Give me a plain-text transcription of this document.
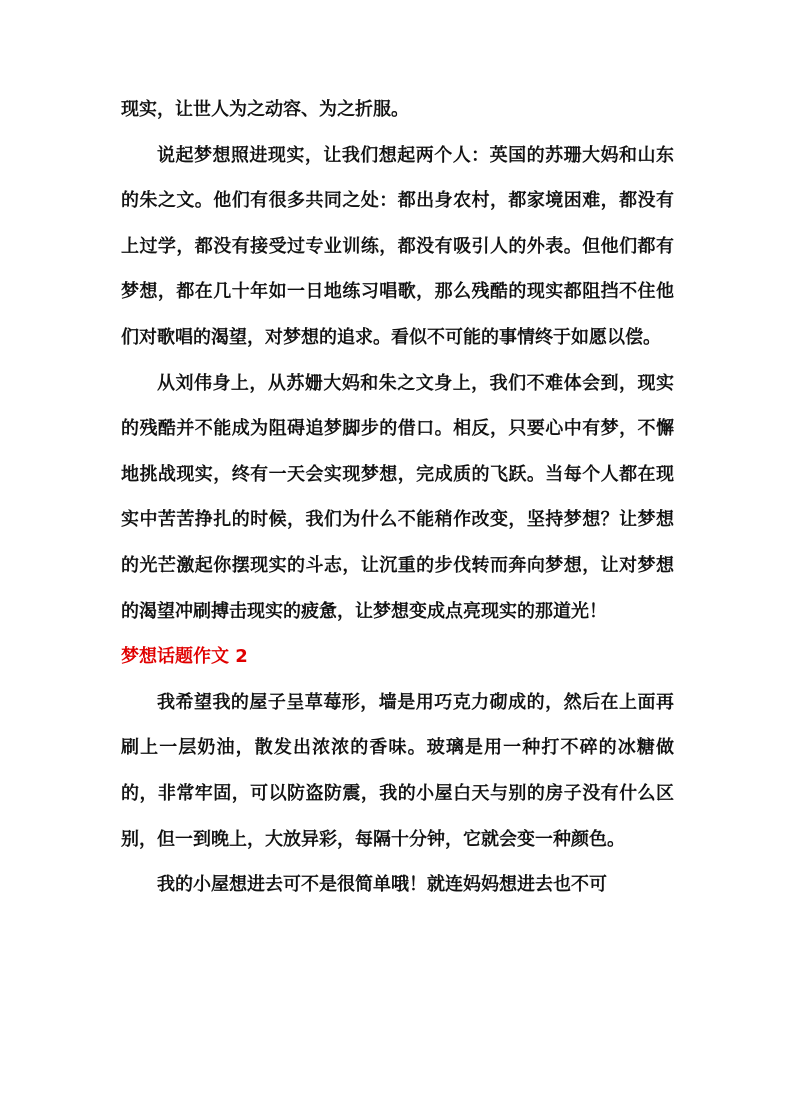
现实，让世人为之动容、为之折服。

说起梦想照进现实，让我们想起两个人：英国的苏珊大妈和山东的朱之文。他们有很多共同之处：都出身农村，都家境困难，都没有上过学，都没有接受过专业训练，都没有吸引人的外表。但他们都有梦想，都在几十年如一日地练习唱歌，那么残酷的现实都阻挡不住他们对歌唱的渴望，对梦想的追求。看似不可能的事情终于如愿以偿。

从刘伟身上，从苏姗大妈和朱之文身上，我们不难体会到，现实的残酷并不能成为阻碍追梦脚步的借口。相反，只要心中有梦，不懈地挑战现实，终有一天会实现梦想，完成质的飞跃。当每个人都在现实中苦苦挣扎的时候，我们为什么不能稍作改变，坚持梦想？让梦想的光芒激起你摆现实的斗志，让沉重的步伐转而奔向梦想，让对梦想的渴望冲刷搏击现实的疲惫，让梦想变成点亮现实的那道光！

梦想话题作文 2

我希望我的屋子呈草莓形，墙是用巧克力砌成的，然后在上面再刷上一层奶油，散发出浓浓的香味。玻璃是用一种打不碎的冰糖做的，非常牢固，可以防盗防震，我的小屋白天与别的房子没有什么区别，但一到晚上，大放异彩，每隔十分钟，它就会变一种颜色。

我的小屋想进去可不是很简单哦！就连妈妈想进去也不可
